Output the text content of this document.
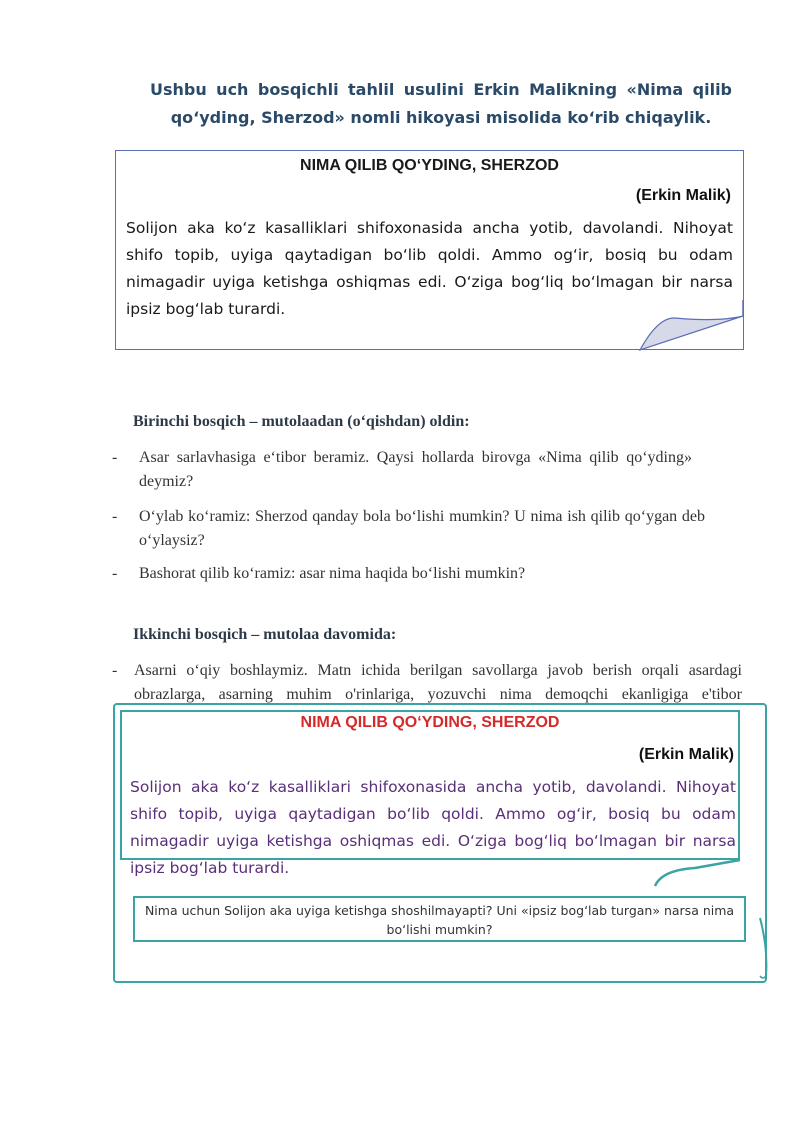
Ushbu uch bosqichli tahlil usulini Erkin Malikning «Nima qilib qo‘yding, Sherzod» nomli hikoyasi misolida ko‘rib chiqaylik.
NIMA QILIB QO‘YDING, SHERZOD
(Erkin Malik)
Solijon aka ko‘z kasalliklari shifoxonasida ancha yotib, davolandi. Nihoyat shifo topib, uyiga qaytadigan bo‘lib qoldi. Ammo og‘ir, bosiq bu odam nimagadir uyiga ketishga oshiqmas edi. O‘ziga bog‘liq bo‘lmagan bir narsa ipsiz bog‘lab turardi.
Birinchi bosqich – mutolaadan (o‘qishdan) oldin:
- Asar sarlavhasiga e‘tibor beramiz. Qaysi hollarda birovga «Nima qilib qo‘yding» deymiz?
- O‘ylab ko‘ramiz: Sherzod qanday bola bo‘lishi mumkin? U nima ish qilib qo‘ygan deb o‘ylaysiz?
- Bashorat qilib ko‘ramiz: asar nima haqida bo‘lishi mumkin?
Ikkinchi bosqich – mutolaa davomida:
- Asarni o‘qiy boshlaymiz. Matn ichida berilgan savollarga javob berish orqali asardagi obrazlarga, asarning muhim o'rinlariga, yozuvchi nima demoqchi ekanligiga e'tibor
NIMA QILIB QO‘YDING, SHERZOD
(Erkin Malik)
Solijon aka ko‘z kasalliklari shifoxonasida ancha yotib, davolandi. Nihoyat shifo topib, uyiga qaytadigan bo‘lib qoldi. Ammo og‘ir, bosiq bu odam nimagadir uyiga ketishga oshiqmas edi. O‘ziga bog‘liq bo‘lmagan bir narsa ipsiz bog‘lab turardi.
Nima uchun Solijon aka uyiga ketishga shoshilmayapti? Uni «ipsiz bog‘lab turgan» narsa nima bo‘lishi mumkin?
